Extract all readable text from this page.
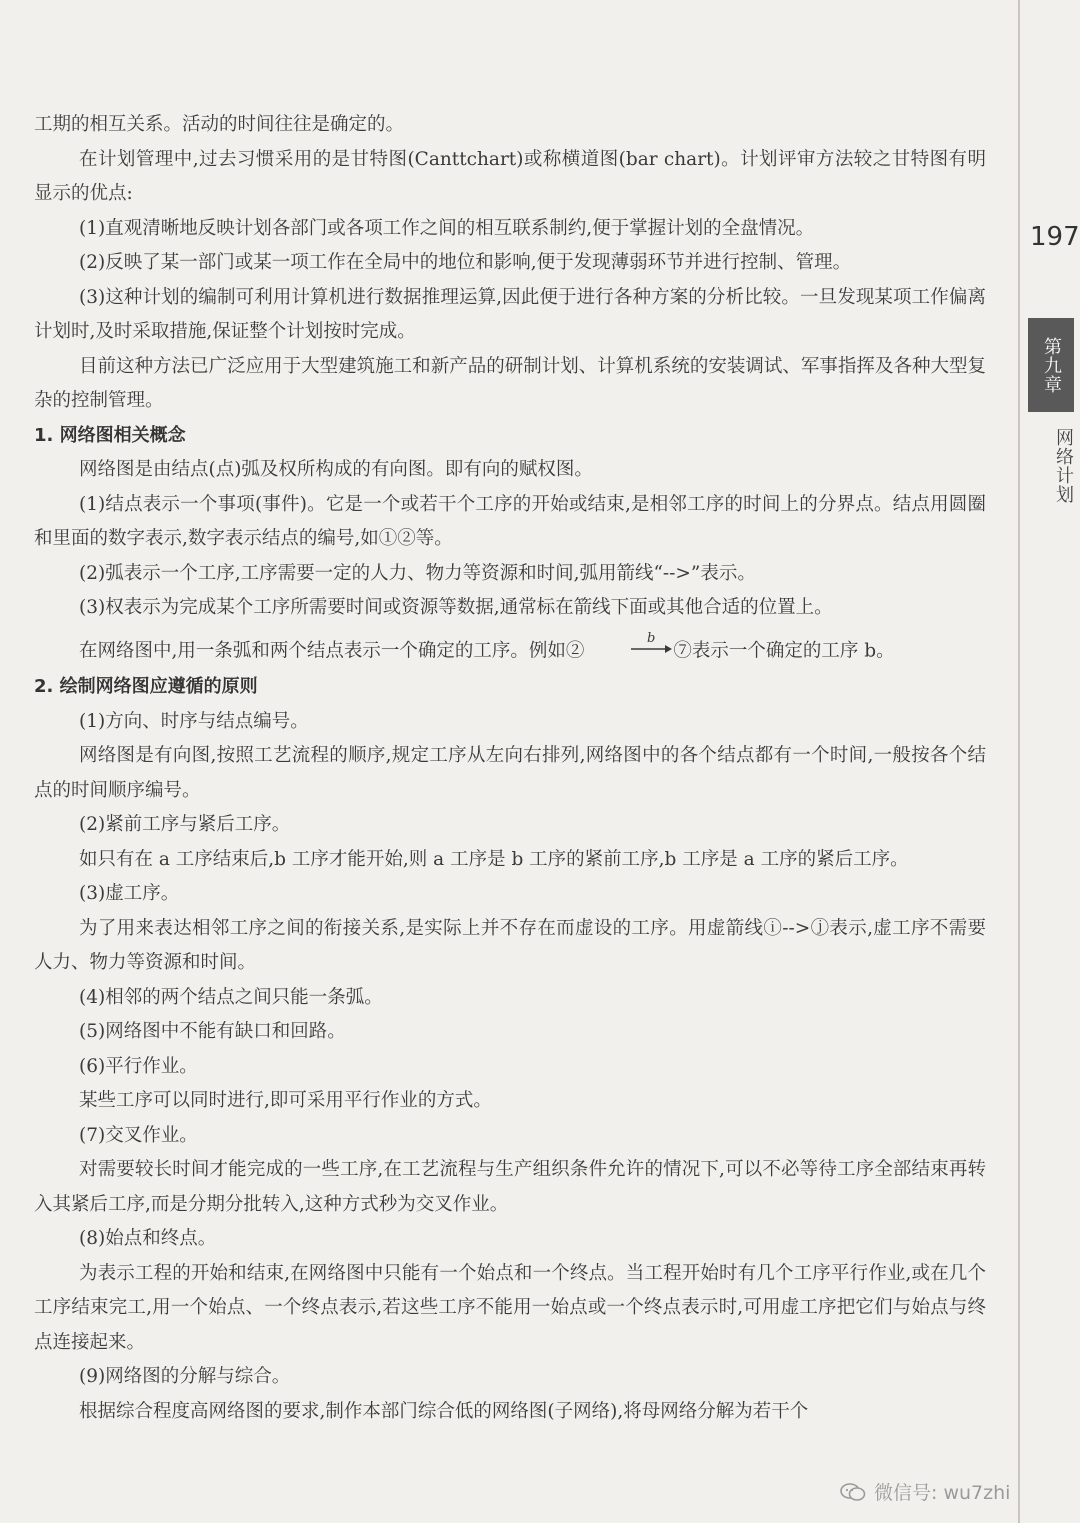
197
第九章
网络计划

工期的相互关系。活动的时间往往是确定的。

在计划管理中,过去习惯采用的是甘特图(Canttchart)或称横道图(bar chart)。计划评审方法较之甘特图有明显示的优点:

(1)直观清晰地反映计划各部门或各项工作之间的相互联系制约,便于掌握计划的全盘情况。

(2)反映了某一部门或某一项工作在全局中的地位和影响,便于发现薄弱环节并进行控制、管理。

(3)这种计划的编制可利用计算机进行数据推理运算,因此便于进行各种方案的分析比较。一旦发现某项工作偏离计划时,及时采取措施,保证整个计划按时完成。

目前这种方法已广泛应用于大型建筑施工和新产品的研制计划、计算机系统的安装调试、军事指挥及各种大型复杂的控制管理。

1. 网络图相关概念

网络图是由结点(点)弧及权所构成的有向图。即有向的赋权图。

(1)结点表示一个事项(事件)。它是一个或若干个工序的开始或结束,是相邻工序的时间上的分界点。结点用圆圈和里面的数字表示,数字表示结点的编号,如①②等。

(2)弧表示一个工序,工序需要一定的人力、物力等资源和时间,弧用箭线“-->”表示。

(3)权表示为完成某个工序所需要时间或资源等数据,通常标在箭线下面或其他合适的位置上。

在网络图中,用一条弧和两个结点表示一个确定的工序。例如②
b
⑦表示一个确定的工序 b。

2. 绘制网络图应遵循的原则

(1)方向、时序与结点编号。

网络图是有向图,按照工艺流程的顺序,规定工序从左向右排列,网络图中的各个结点都有一个时间,一般按各个结点的时间顺序编号。

(2)紧前工序与紧后工序。

如只有在 a 工序结束后,b 工序才能开始,则 a 工序是 b 工序的紧前工序,b 工序是 a 工序的紧后工序。

(3)虚工序。

为了用来表达相邻工序之间的衔接关系,是实际上并不存在而虚设的工序。用虚箭线ⓘ-->ⓙ表示,虚工序不需要人力、物力等资源和时间。

(4)相邻的两个结点之间只能一条弧。

(5)网络图中不能有缺口和回路。

(6)平行作业。

某些工序可以同时进行,即可采用平行作业的方式。

(7)交叉作业。

对需要较长时间才能完成的一些工序,在工艺流程与生产组织条件允许的情况下,可以不必等待工序全部结束再转入其紧后工序,而是分期分批转入,这种方式秒为交叉作业。

(8)始点和终点。

为表示工程的开始和结束,在网络图中只能有一个始点和一个终点。当工程开始时有几个工序平行作业,或在几个工序结束完工,用一个始点、一个终点表示,若这些工序不能用一始点或一个终点表示时,可用虚工序把它们与始点与终点连接起来。

(9)网络图的分解与综合。

根据综合程度高网络图的要求,制作本部门综合低的网络图(子网络),将母网络分解为若干个

微信号: wu7zhi
